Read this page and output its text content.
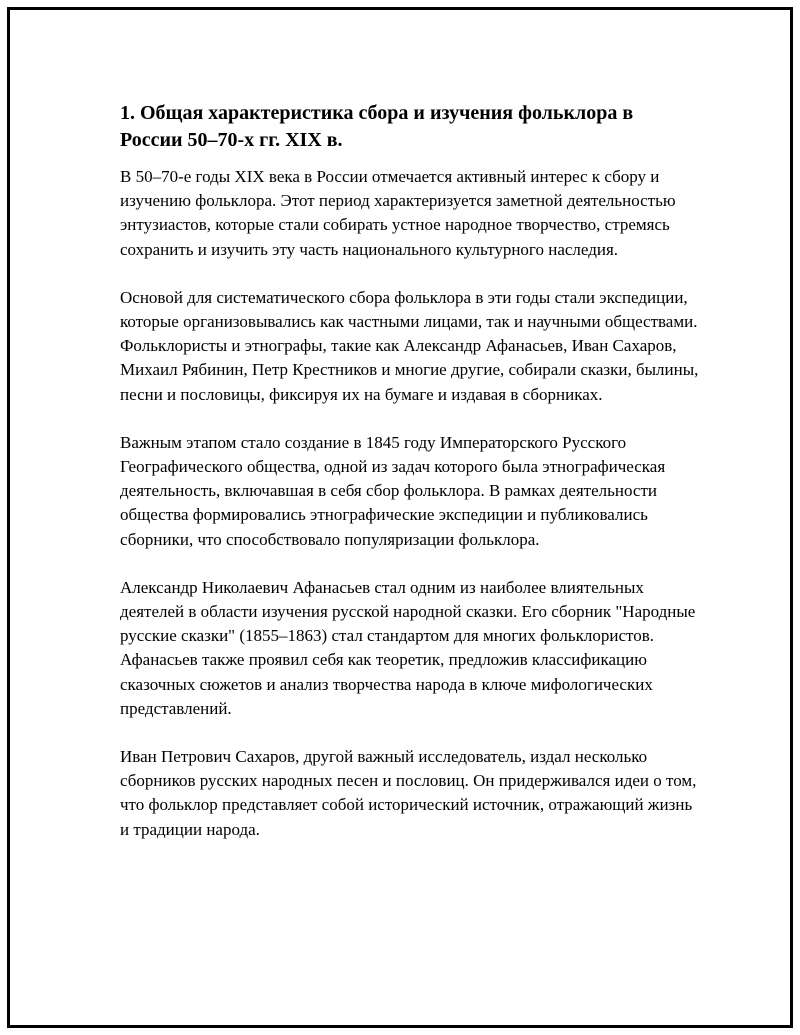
1. Общая характеристика сбора и изучения фольклора в России 50–70-х гг. XIX в.

В 50–70-е годы XIX века в России отмечается активный интерес к сбору и изучению фольклора. Этот период характеризуется заметной деятельностью энтузиастов, которые стали собирать устное народное творчество, стремясь сохранить и изучить эту часть национального культурного наследия.

Основой для систематического сбора фольклора в эти годы стали экспедиции, которые организовывались как частными лицами, так и научными обществами. Фольклористы и этнографы, такие как Александр Афанасьев, Иван Сахаров, Михаил Рябинин, Петр Крестников и многие другие, собирали сказки, былины, песни и пословицы, фиксируя их на бумаге и издавая в сборниках.

Важным этапом стало создание в 1845 году Императорского Русского Географического общества, одной из задач которого была этнографическая деятельность, включавшая в себя сбор фольклора. В рамках деятельности общества формировались этнографические экспедиции и публиковались сборники, что способствовало популяризации фольклора.

Александр Николаевич Афанасьев стал одним из наиболее влиятельных деятелей в области изучения русской народной сказки. Его сборник "Народные русские сказки" (1855–1863) стал стандартом для многих фольклористов. Афанасьев также проявил себя как теоретик, предложив классификацию сказочных сюжетов и анализ творчества народа в ключе мифологических представлений.

Иван Петрович Сахаров, другой важный исследователь, издал несколько сборников русских народных песен и пословиц. Он придерживался идеи о том, что фольклор представляет собой исторический источник, отражающий жизнь и традиции народа.
